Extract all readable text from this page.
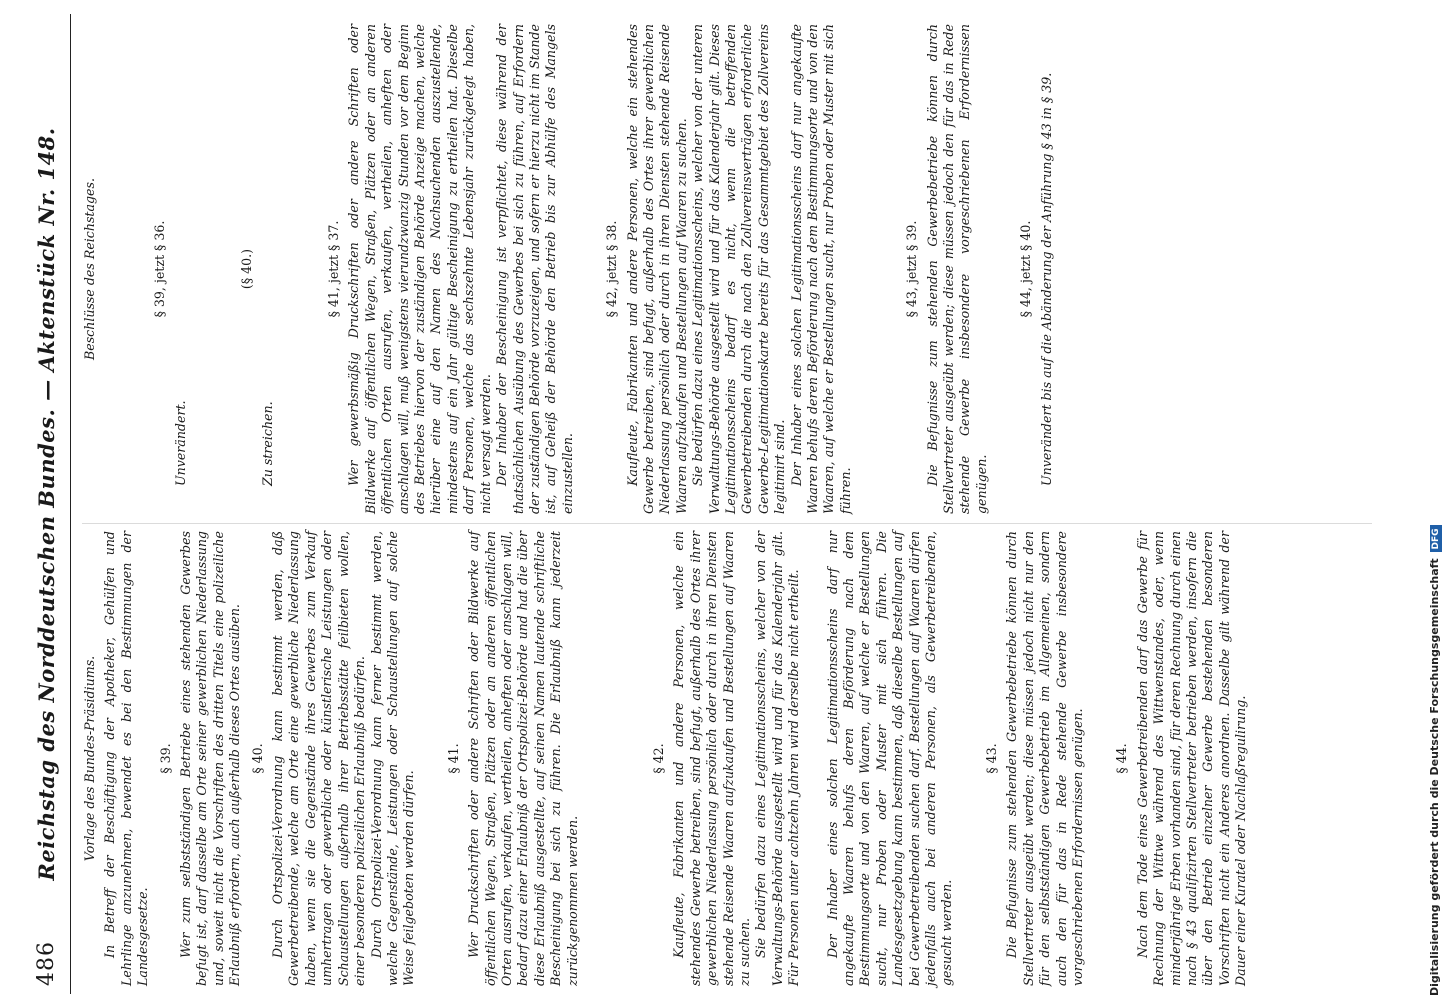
486
Reichstag des Norddeutschen Bundes. — Aktenstück Nr. 148. Vorlage des Bundes-Präsidiums. In Betreff der Beschäftigung der Apotheker, Gehülfen und Lehrlinge anzunehmen, bewendet es bei den Bestimmungen der Landesgesetze.

§ 39. Wer zum selbstständigen Betriebe eines stehenden Gewerbes befugt ist, darf dasselbe am Orte seiner gewerblichen Niederlassung und, soweit nicht die Vorschriften des dritten Titels eine polizeiliche Erlaubniß erfordern, auch außerhalb dieses Ortes ausüben. § 40. Durch Ortspolizei-Verordnung kann bestimmt werden, daß Gewerbetreibende, welche am Orte eine gewerbliche Niederlassung haben, wenn sie die Gegenstände ihres Gewerbes zum Verkauf umhertragen oder gewerbliche oder künstlerische Leistungen oder Schaustellungen außerhalb ihrer Betriebsstätte feilbieten wollen, einer besonderen polizeilichen Erlaubniß bedürfen. Durch Ortspolizei-Verordnung kann ferner bestimmt werden, welche Gegenstände, Leistungen oder Schaustellungen auf solche Weise feilgeboten werden dürfen.

§ 41. Wer Druckschriften oder andere Schriften oder Bildwerke auf öffentlichen Wegen, Straßen, Plätzen oder an anderen öffentlichen Orten ausrufen, verkaufen, vertheilen, anheften oder anschlagen will, bedarf dazu einer Erlaubniß der Ortspolizei-Behörde und hat die über diese Erlaubniß ausgestellte, auf seinen Namen lautende schriftliche Bescheinigung bei sich zu führen. Die Erlaubniß kann jederzeit zurückgenommen werden.

§ 42. Kaufleute, Fabrikanten und andere Personen, welche ein stehendes Gewerbe betreiben, sind befugt, außerhalb des Ortes ihrer gewerblichen Niederlassung persönlich oder durch in ihren Diensten stehende Reisende Waaren aufzukaufen und Bestellungen auf Waaren zu suchen. Sie bedürfen dazu eines Legitimationsscheins, welcher von der Verwaltungs-Behörde ausgestellt wird und für das Kalenderjahr gilt. Für Personen unter achtzehn Jahren wird derselbe nicht ertheilt. Der Inhaber eines solchen Legitimationsscheins darf nur angekaufte Waaren behufs deren Beförderung nach dem Bestimmungsorte und von den Waaren, auf welche er Bestellungen sucht, nur Proben oder Muster mit sich führen. Die Landesgesetzgebung kann bestimmen, daß dieselbe Bestellungen auf bei Gewerbetreibenden suchen darf. Bestellungen auf Waaren dürfen jedenfalls auch bei anderen Personen, als Gewerbetreibenden, gesucht werden.

§ 43. Die Befugnisse zum stehenden Gewerbebetriebe können durch Stellvertreter ausgeübt werden; diese müssen jedoch nicht nur den für den selbstständigen Gewerbebetrieb im Allgemeinen, sondern auch den für das in Rede stehende Gewerbe insbesondere vorgeschriebenen Erfordernissen genügen. § 44. Nach dem Tode eines Gewerbetreibenden darf das Gewerbe für Rechnung der Wittwe während des Wittwenstandes, oder, wenn minderjährige Erben vorhanden sind, für deren Rechnung durch einen nach § 43 qualifizirten Stellvertreter betrieben werden, insofern die über den Betrieb einzelner Gewerbe bestehenden besonderen Vorschriften nicht ein Anderes anordnen. Dasselbe gilt während der Dauer einer Kuratel oder Nachlaßregulirung.

Beschlüsse des Reichstages.	§ 39, jetzt § 36.

Unverändert.

(§ 40.)

Zu streichen.

§ 41, jetzt § 37. Wer gewerbsmäßig Druckschriften oder andere Schriften oder Bildwerke auf öffentlichen Wegen, Straßen, Plätzen oder an anderen öffentlichen Orten ausrufen, verkaufen, vertheilen, anheften oder anschlagen will, muß wenigstens vierundzwanzig Stunden vor dem Beginn des Betriebes hiervon der zuständigen Behörde Anzeige machen, welche hierüber eine auf den Namen des Nachsuchenden auszustellende, mindestens auf ein Jahr gültige Bescheinigung zu ertheilen hat. Dieselbe darf Personen, welche das sechszehnte Lebensjahr zurückgelegt haben, nicht versagt werden. Der Inhaber der Bescheinigung ist verpflichtet, diese während der thatsächlichen Ausübung des Gewerbes bei sich zu führen, auf Erfordern der zuständigen Behörde vorzuzeigen, und sofern er hierzu nicht im Stande ist, auf Geheiß der Behörde den Betrieb bis zur Abhülfe des Mangels einzustellen.

§ 42, jetzt § 38. Kaufleute, Fabrikanten und andere Personen, welche ein stehendes Gewerbe betreiben, sind befugt, außerhalb des Ortes ihrer gewerblichen Niederlassung persönlich oder durch in ihren Diensten stehende Reisende Waaren aufzukaufen und Bestellungen auf Waaren zu suchen. Sie bedürfen dazu eines Legitimationsscheins, welcher von der unteren Verwaltungs-Behörde ausgestellt wird und für das Kalenderjahr gilt. Dieses Legitimationsscheins bedarf es nicht, wenn die betreffenden Gewerbetreibenden durch die nach den Zollvereinsverträgen erforderliche Gewerbe-Legitimationskarte bereits für das Gesammtgebiet des Zollvereins legitimirt sind. Der Inhaber eines solchen Legitimationsscheins darf nur angekaufte Waaren behufs deren Beförderung nach dem Bestimmungsorte und von den Waaren, auf welche er Bestellungen sucht, nur Proben oder Muster mit sich führen.

§ 43, jetzt § 39. Die Befugnisse zum stehenden Gewerbebetriebe können durch Stellvertreter ausgeübt werden; diese müssen jedoch den für das in Rede stehende Gewerbe insbesondere vorgeschriebenen Erfordernissen genügen.

§ 44, jetzt § 40. Unverändert bis auf die Abänderung der Anführung § 43 in § 39.

Digitalisierung gefördert durch die Deutsche Forschungsgemeinschaft DFG
